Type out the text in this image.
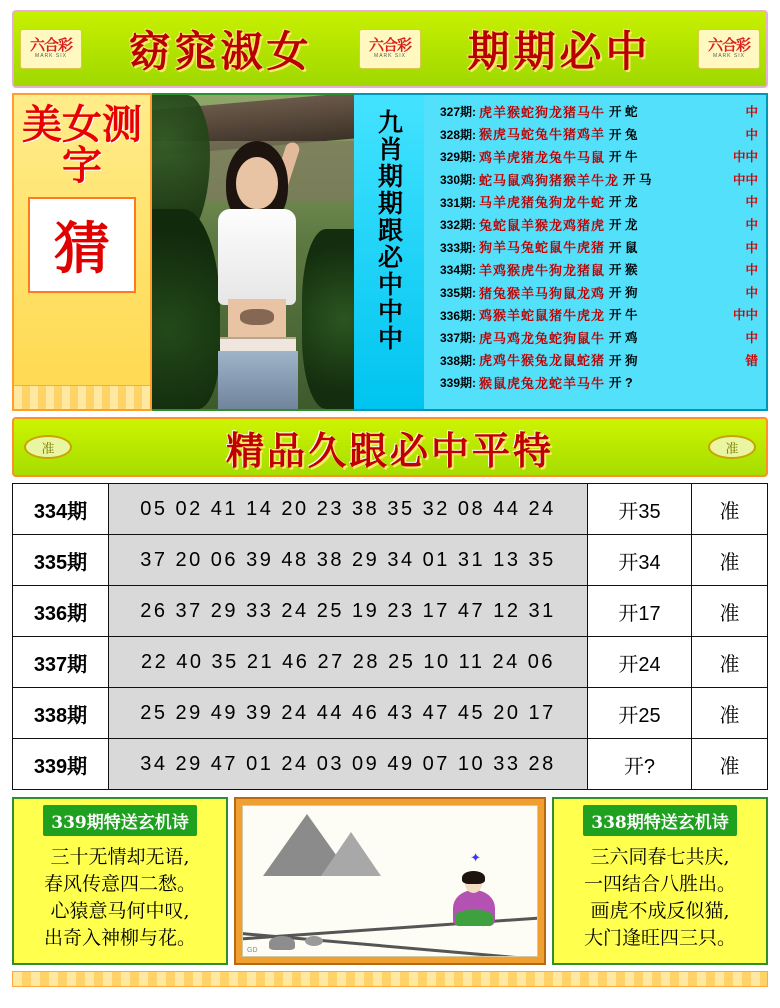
六合彩
MARK SIX	窈窕淑女	六合彩
MARK SIX	期期必中	六合彩
MARK SIX
美女测字
猜	九肖期期跟必中中中	327期: 虎羊猴蛇狗龙猪马牛 开 蛇	中
328期: 猴虎马蛇兔牛猪鸡羊 开 兔	中
329期: 鸡羊虎猪龙兔牛马鼠 开 牛	中中
330期: 蛇马鼠鸡狗猪猴羊牛龙 开 马	中中
331期: 马羊虎猪兔狗龙牛蛇 开 龙	中
332期: 兔蛇鼠羊猴龙鸡猪虎 开 龙	中
333期: 狗羊马兔蛇鼠牛虎猪 开 鼠	中
334期: 羊鸡猴虎牛狗龙猪鼠 开 猴	中
335期: 猪兔猴羊马狗鼠龙鸡 开 狗	中
336期: 鸡猴羊蛇鼠猪牛虎龙 开 牛	中中
337期: 虎马鸡龙兔蛇狗鼠牛 开 鸡	中
338期: 虎鸡牛猴兔龙鼠蛇猪 开 狗	错
339期: 猴鼠虎兔龙蛇羊马牛 开 ?
准	精品久跟必中平特	准
334期	05 02 41 14 20 23 38 35 32 08 44 24	开35	准
335期	37 20 06 39 48 38 29 34 01 31 13 35	开34	准
336期	26 37 29 33 24 25 19 23 17 47 12 31	开17	准
337期	22 40 35 21 46 27 28 25 10 11 24 06	开24	准
338期	25 29 49 39 24 44 46 43 47 45 20 17	开25	准
339期	34 29 47 01 24 03 09 49 07 10 33 28	开?	准
339期特送玄机诗
三十无情却无语,
春风传意四二愁。
心猿意马何中叹,
出奇入神柳与花。
✦
GD
338期特送玄机诗
三六同春七共庆,
一四结合八胜出。
画虎不成反似猫,
大门逢旺四三只。
